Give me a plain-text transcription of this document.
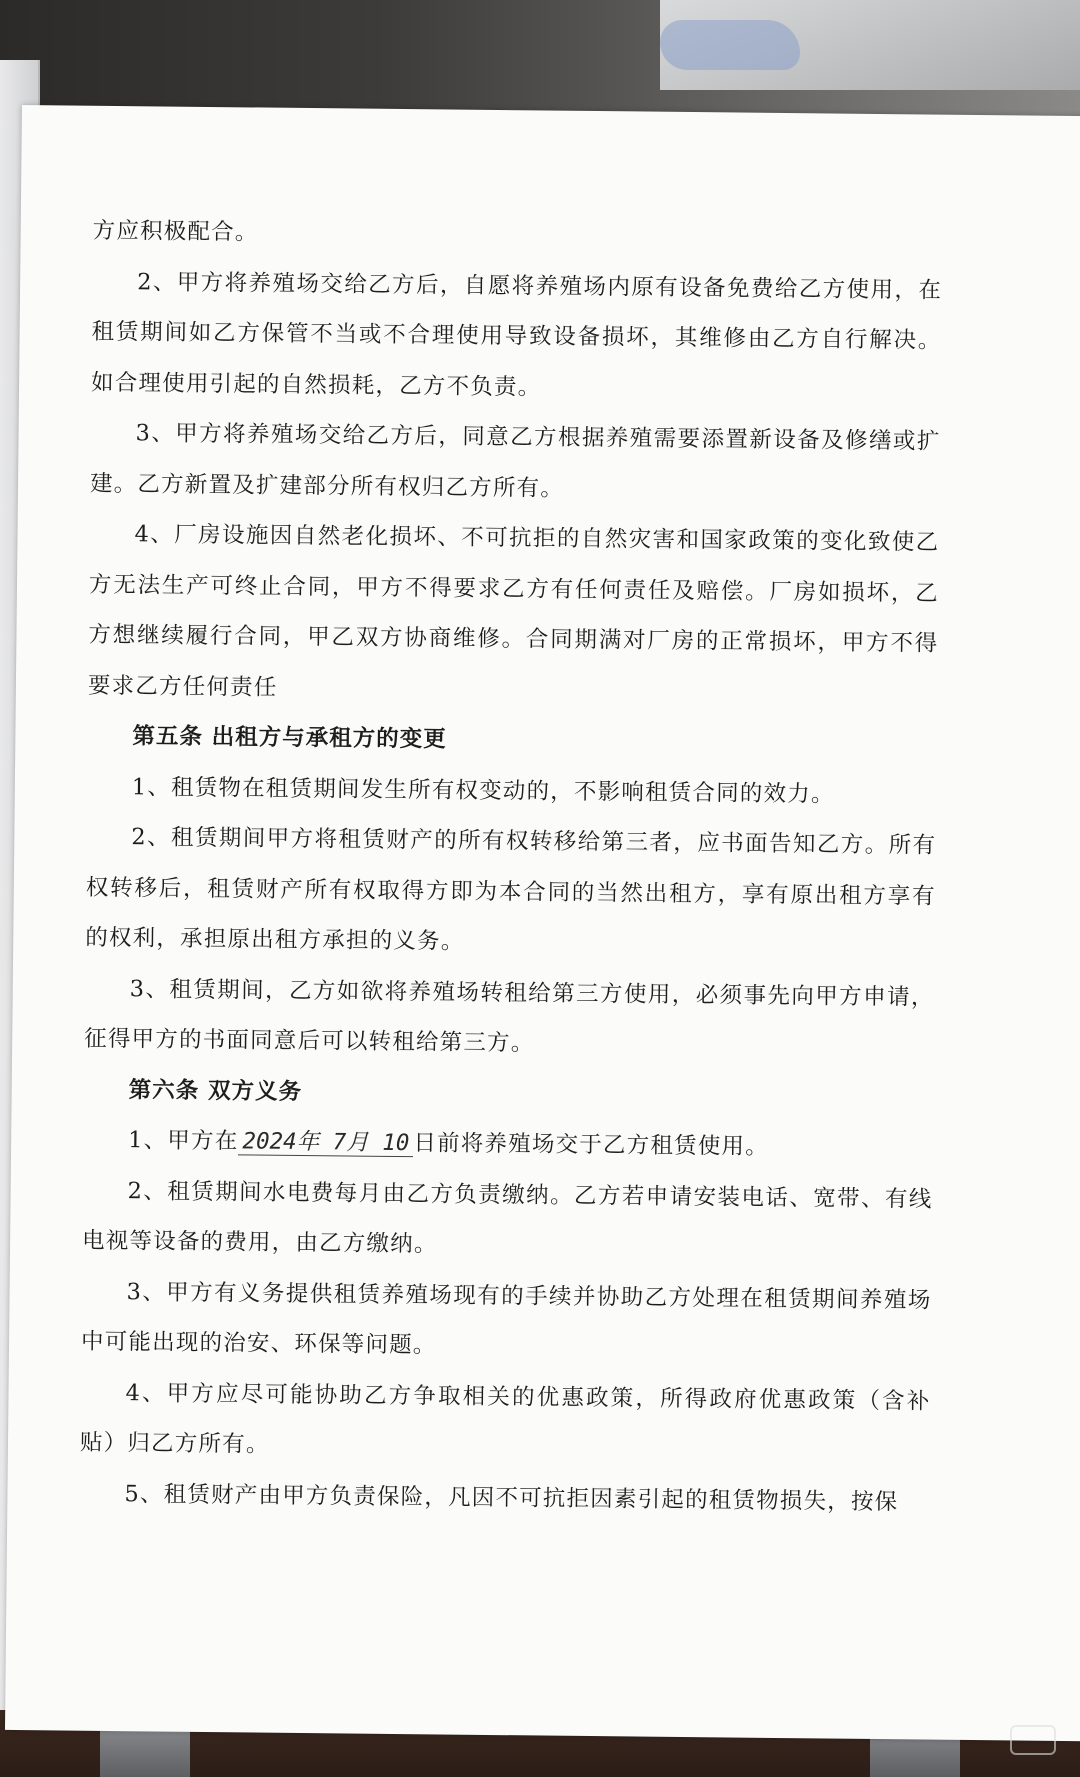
方应积极配合。

2、甲方将养殖场交给乙方后，自愿将养殖场内原有设备免费给乙方使用，在租赁期间如乙方保管不当或不合理使用导致设备损坏，其维修由乙方自行解决。如合理使用引起的自然损耗，乙方不负责。

3、甲方将养殖场交给乙方后，同意乙方根据养殖需要添置新设备及修缮或扩建。乙方新置及扩建部分所有权归乙方所有。

4、厂房设施因自然老化损坏、不可抗拒的自然灾害和国家政策的变化致使乙方无法生产可终止合同，甲方不得要求乙方有任何责任及赔偿。厂房如损坏，乙方想继续履行合同，甲乙双方协商维修。合同期满对厂房的正常损坏，甲方不得要求乙方任何责任

第五条 出租方与承租方的变更

1、租赁物在租赁期间发生所有权变动的，不影响租赁合同的效力。

2、租赁期间甲方将租赁财产的所有权转移给第三者，应书面告知乙方。所有权转移后，租赁财产所有权取得方即为本合同的当然出租方，享有原出租方享有的权利，承担原出租方承担的义务。

3、租赁期间，乙方如欲将养殖场转租给第三方使用，必须事先向甲方申请，征得甲方的书面同意后可以转租给第三方。

第六条 双方义务

1、甲方在 2024年 7月 10 日前将养殖场交于乙方租赁使用。

2、租赁期间水电费每月由乙方负责缴纳。乙方若申请安装电话、宽带、有线电视等设备的费用，由乙方缴纳。

3、甲方有义务提供租赁养殖场现有的手续并协助乙方处理在租赁期间养殖场中可能出现的治安、环保等问题。

4、甲方应尽可能协助乙方争取相关的优惠政策，所得政府优惠政策（含补贴）归乙方所有。

5、租赁财产由甲方负责保险，凡因不可抗拒因素引起的租赁物损失，按保
